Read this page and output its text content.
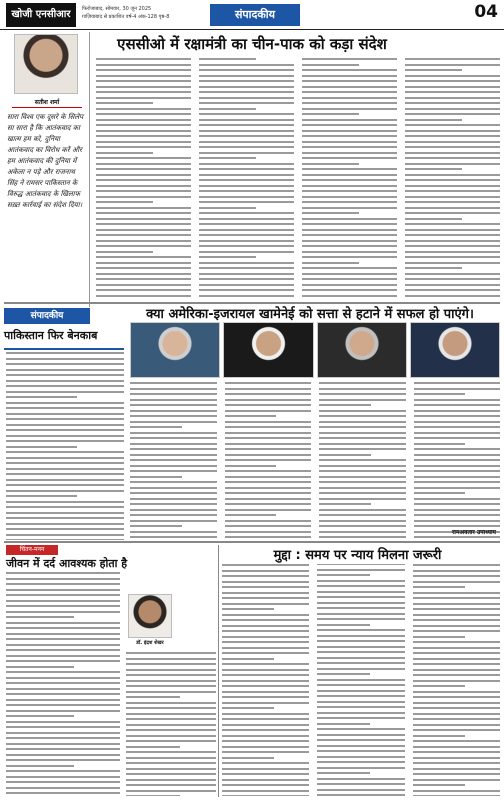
खोजी एनसीआर	फिरोजाबाद, सोमवार, 30 जून 2025
ग़ाज़ियाबाद से प्रकाशित वर्ष-4 अंक-128 पृष्ठ-8	संपादकीय	04
सतीश शर्मा
सारा विश्व एक दूसरे के सिलेप सा सारा है कि आतंकवाद का खात्म हम को, दुनिया आतंकवाद का विरोध करें और हम आतंकवाद की दुनिया में अकेला न पड़े और राजनाथ सिंह ने रामसर पाकिस्तान के विरुद्ध आतंकवाद के खिलाफ सख़्त कार्रवाई का संदेश दिया।
एससीओ में रक्षामंत्री का चीन-पाक को कड़ा संदेश
संपादकीय
पाकिस्तान फिर बेनकाब
क्या अमेरिका-इजरायल खामेनेई को सत्ता से हटाने में सफल हो पाएंगे।
रामअवतार उपाध्याय
चिंतन-मनन
जीवन में दर्द आवश्यक होता है
मुद्दा : समय पर न्याय मिलना जरूरी
डॉ. इंद्रश शेखर
